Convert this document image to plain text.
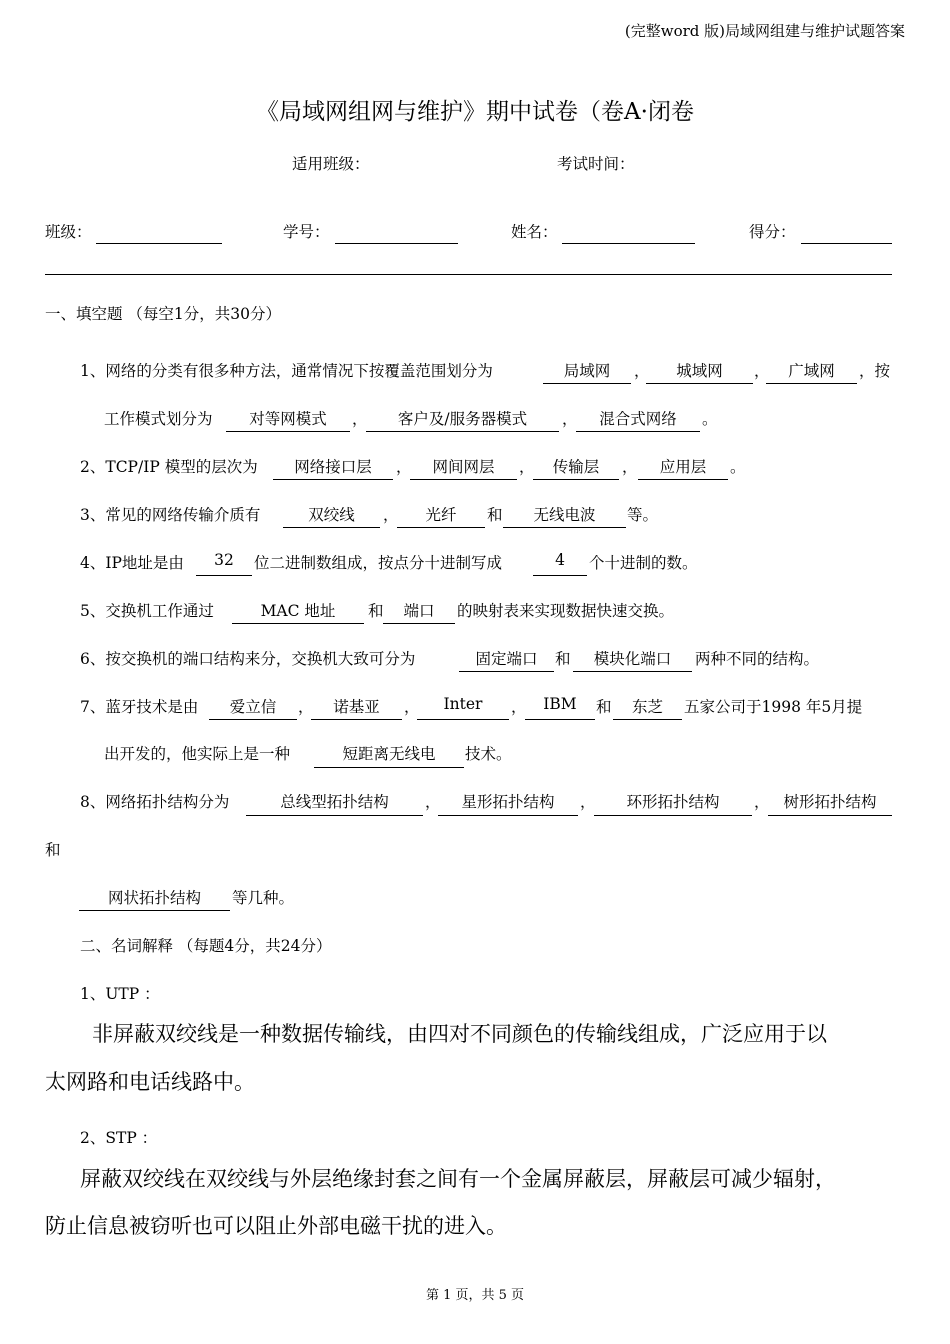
(完整word 版)局域网组建与维护试题答案
《局域网组网与维护》期中试卷（卷A·闭卷
适用班级：	考试时间：
班级：	学号：	姓名：	得分：
一、填空题 （每空1分，共30分）
1、网络的分类有很多种方法，通常情况下按覆盖范围划分为	局域网	，	城域网	，	广域网	，按
工作模式划分为	对等网模式	，	客户及/服务器模式	，	混合式网络	。
2、TCP/IP 模型的层次为	网络接口层	，	网间网层	，	传输层	，	应用层	。
3、常见的网络传输介质有	双绞线	，	光纤	和	无线电波	等。
4、IP地址是由	32	位二进制数组成，按点分十进制写成	4	个十进制的数。
5、交换机工作通过	MAC 地址	和	端口	的映射表来实现数据快速交换。
6、按交换机的端口结构来分，交换机大致可分为	固定端口	和	模块化端口	两种不同的结构。
7、蓝牙技术是由	爱立信	，	诺基亚	，	Inter	，	IBM	和	东芝	五家公司于1998 年5月提
出开发的，他实际上是一种	短距离无线电	技术。
8、网络拓扑结构分为	总线型拓扑结构	，	星形拓扑结构	，	环形拓扑结构	， 树形拓扑结构
和
网状拓扑结构	等几种。
二、名词解释 （每题4分，共24分）
1、UTP ：
非屏蔽双绞线是一种数据传输线，由四对不同颜色的传输线组成，广泛应用于以
太网路和电话线路中。
2、STP ：
屏蔽双绞线在双绞线与外层绝缘封套之间有一个金属屏蔽层，屏蔽层可减少辐射，
防止信息被窃听也可以阻止外部电磁干扰的进入。
第 1 页，共 5 页
